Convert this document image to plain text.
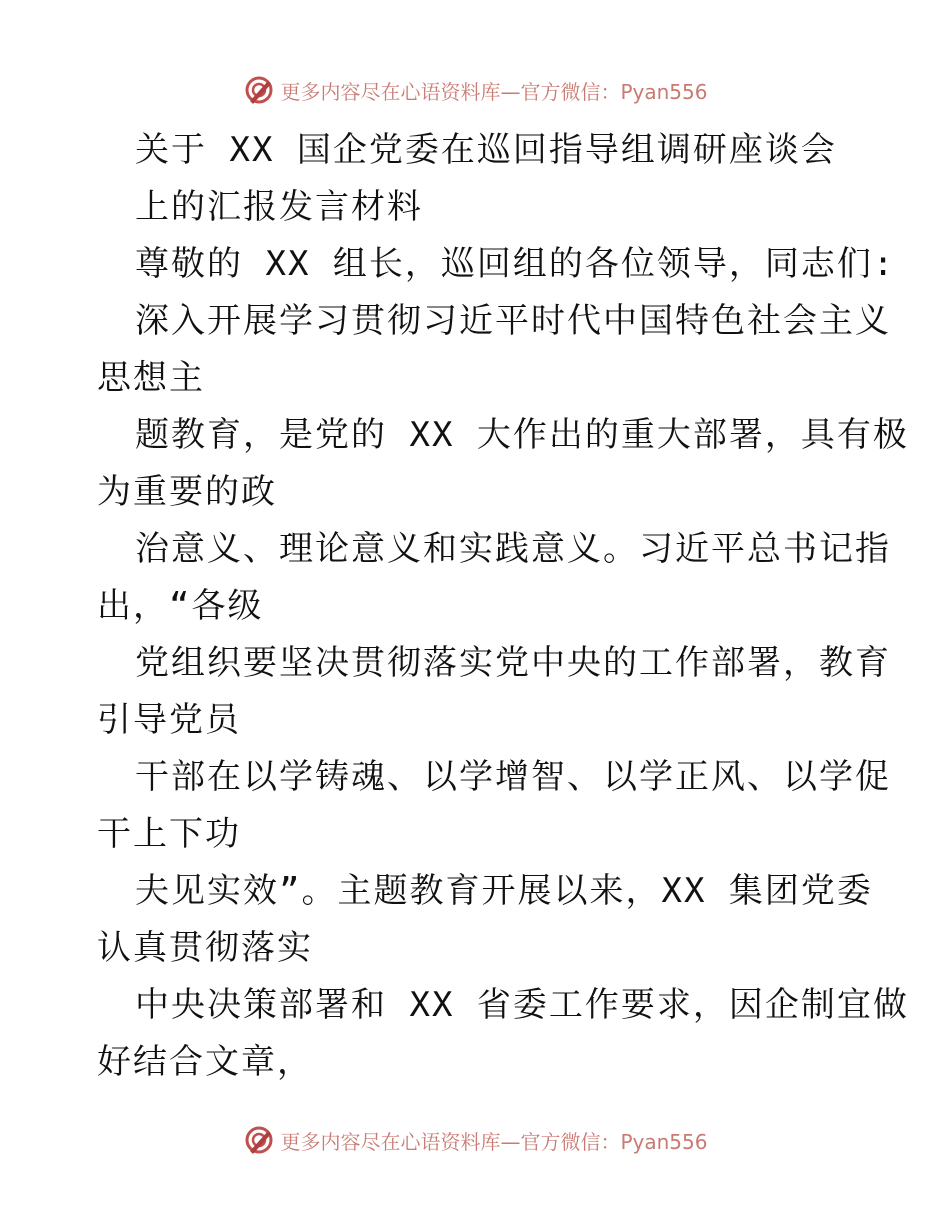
更多内容尽在心语资料库—官方微信：Pyan556
关于 XX 国企党委在巡回指导组调研座谈会
上的汇报发言材料
尊敬的 XX 组长，巡回组的各位领导，同志们:
深入开展学习贯彻习近平时代中国特色社会主义
思想主
题教育，是党的 XX 大作出的重大部署，具有极
为重要的政
治意义、理论意义和实践意义。习近平总书记指
出，“各级
党组织要坚决贯彻落实党中央的工作部署，教育
引导党员
干部在以学铸魂、以学增智、以学正风、以学促
干上下功
夫见实效”。主题教育开展以来，XX 集团党委
认真贯彻落实
中央决策部署和 XX 省委工作要求，因企制宜做
好结合文章，
更多内容尽在心语资料库—官方微信：Pyan556
